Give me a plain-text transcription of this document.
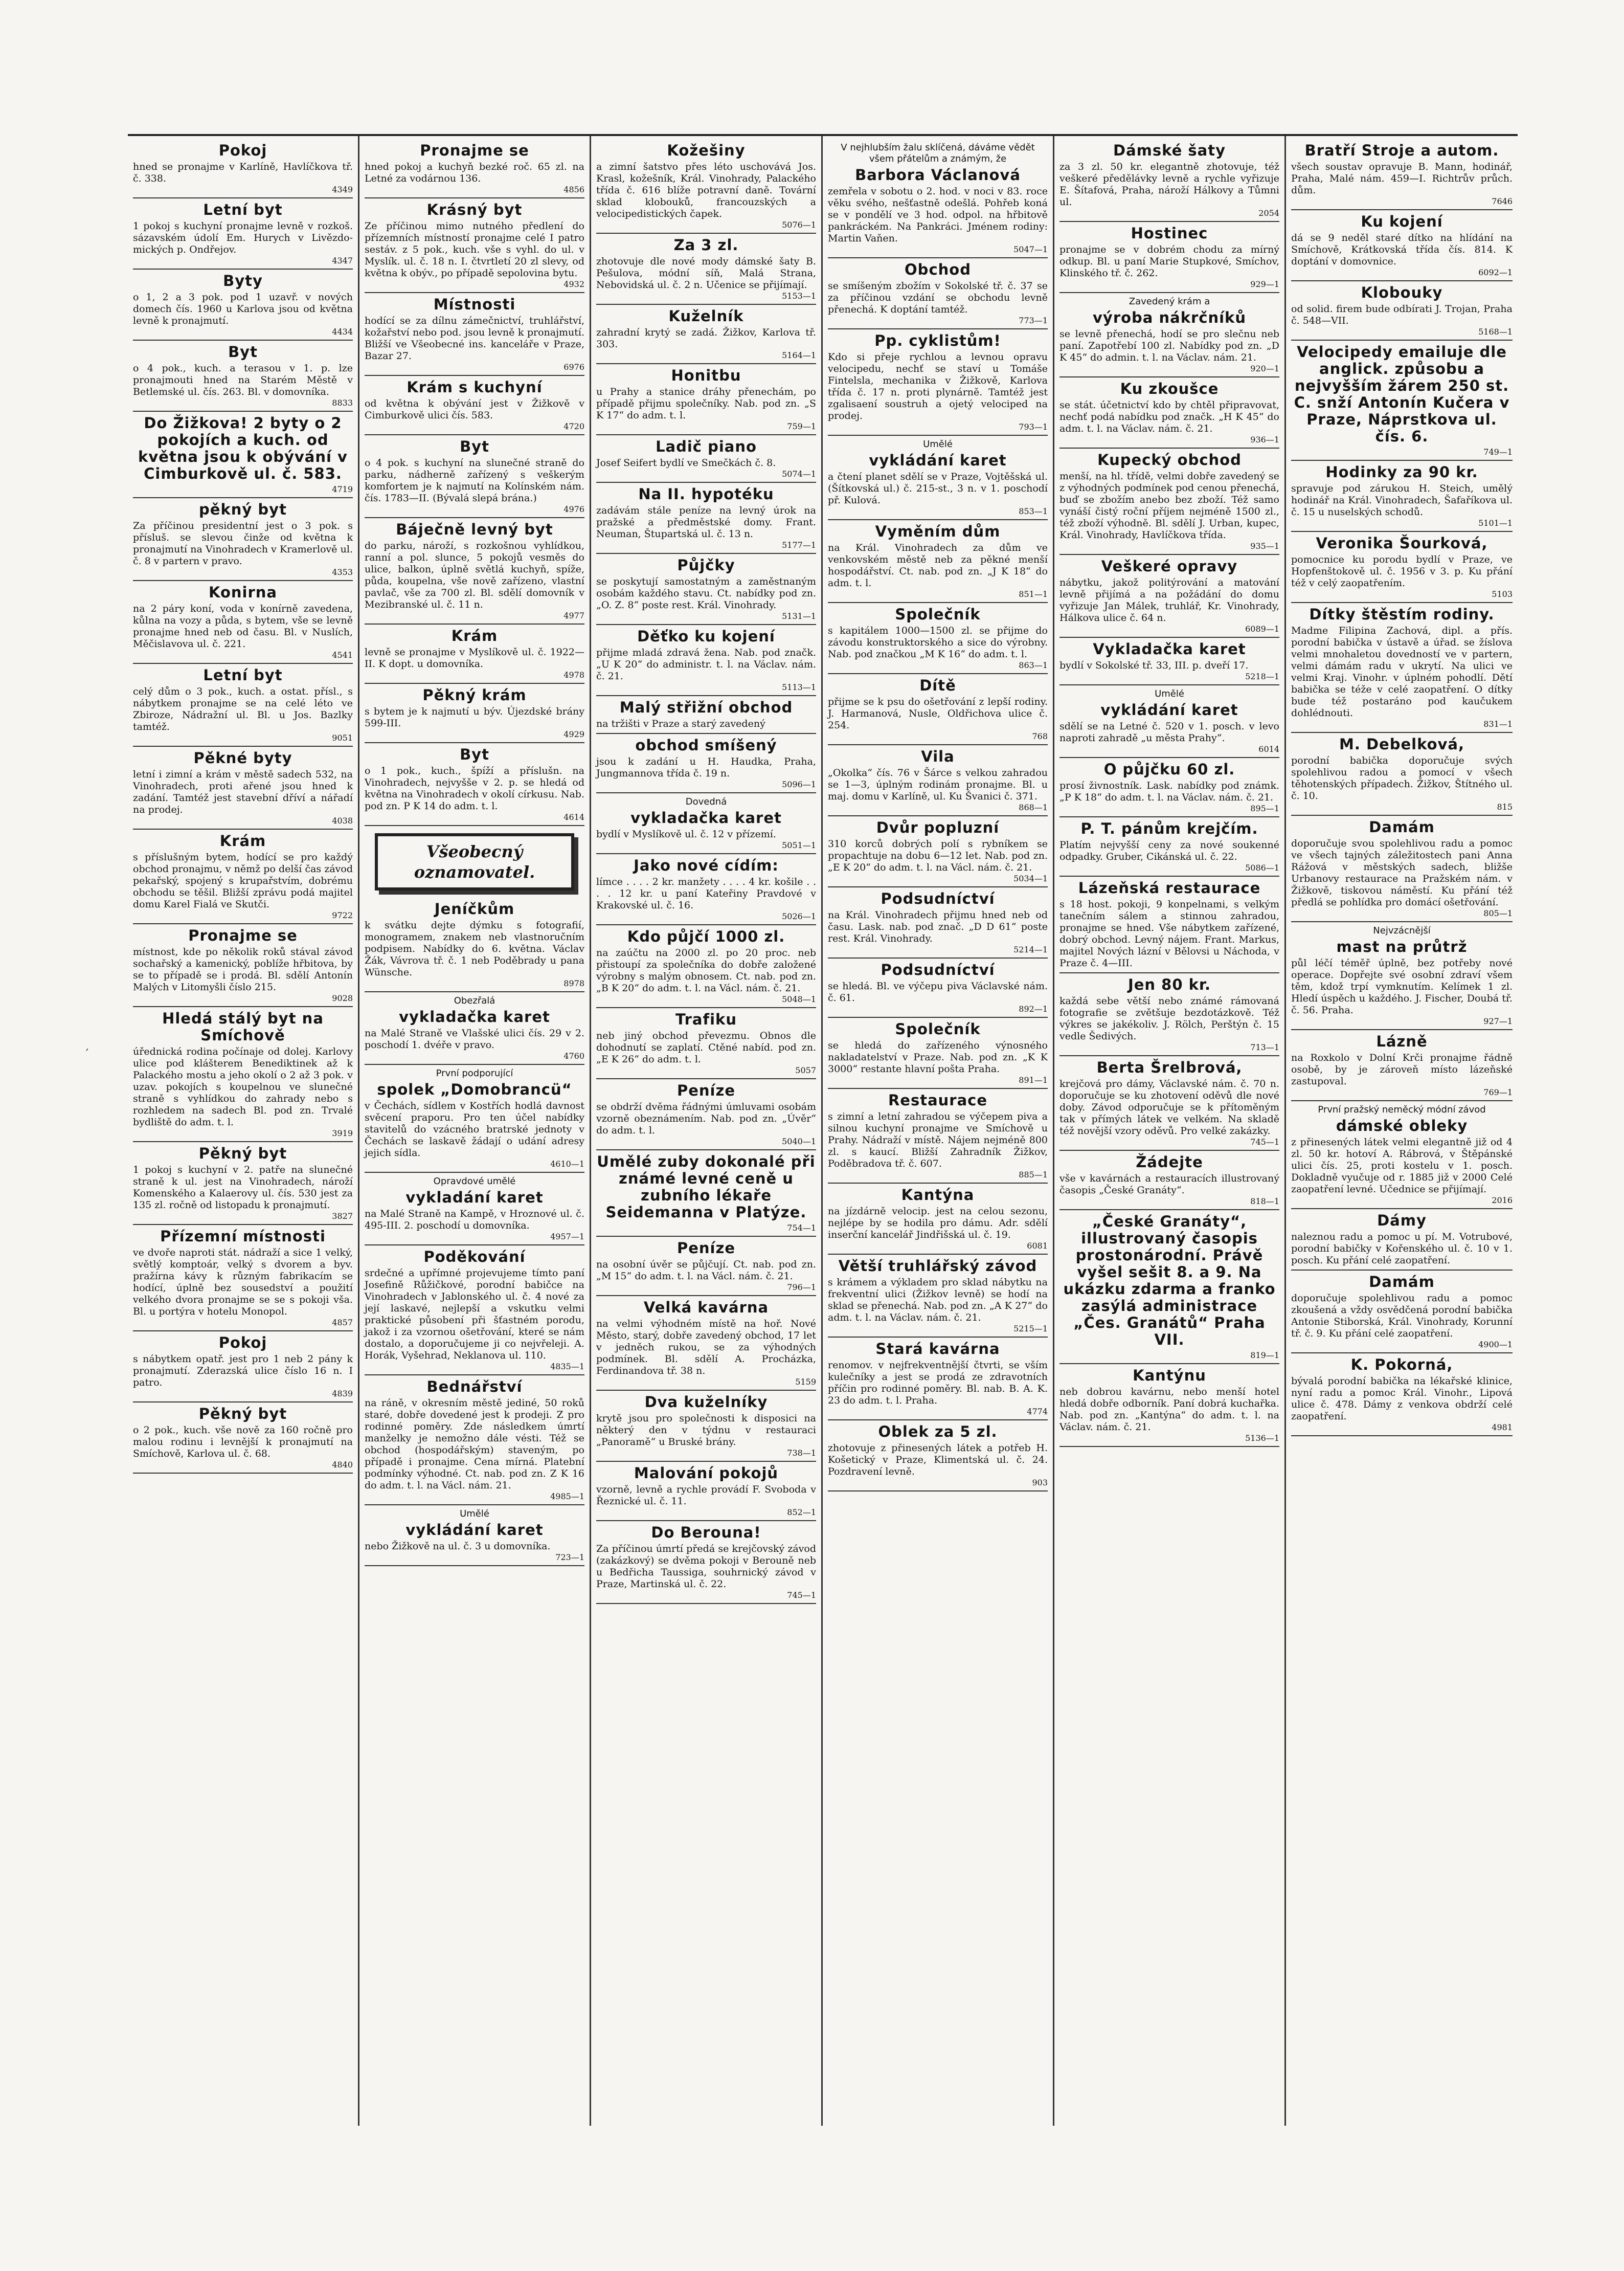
Pokoj

hned se pronajme v Karlíně, Havlíčkova tř. č. 338.

4349
Letní byt

1 pokoj s kuchyní pronajme levně v rozkoš. sázavském údolí Em. Hurych v Livězdo-mických p. Ondřejov.

4347
Byty

o 1, 2 a 3 pok. pod 1 uzavř. v nových domech čís. 1960 u Karlova jsou od května levně k pronajmutí.

4434
Byt

o 4 pok., kuch. a terasou v 1. p. lze pronajmouti hned na Starém Městě v Betlemské ul. čís. 263. Bl. v domovníka.

8833
Do Žižkova! 2 byty o 2 pokojích a kuch. od května jsou k obývání v Cimburkově ul. č. 583.
4719
pěkný byt

Za příčinou presidentní jest o 3 pok. s přísluš. se slevou činže od května k pronajmutí na Vinohradech v Kramerlově ul. č. 8 v partern v pravo.

4353
Konirna

na 2 páry koní, voda v konírně zavedena, kůlna na vozy a půda, s bytem, vše se levně pronajme hned neb od času. Bl. v Nuslích, Měčislavova ul. č. 221.

4541
Letní byt

celý dům o 3 pok., kuch. a ostat. přísl., s nábytkem pronajme se na celé léto ve Zbiroze, Nádražní ul. Bl. u Jos. Bazlky tamtéž.

9051
Pěkné byty

letní i zimní a krám v městě sadech 532, na Vinohradech, proti ařené jsou hned k zadání. Tamtéž jest stavební dříví a nářadí na prodej.

4038
Krám

s příslušným bytem, hodící se pro každý obchod pronajmu, v němž po delší čas závod pekařský, spojený s krupařstvím, dobrému obchodu se těšil. Bližší zprávu podá majitel domu Karel Fialá ve Skutči.

9722
Pronajme se

místnost, kde po několik roků stával závod sochařský a kamenický, poblíže hřbitova, by se to případě se i prodá. Bl. sdělí Antonín Malých v Litomyšli číslo 215.

9028
Hledá stálý byt na Smíchově

úřednická rodina počínaje od dolej. Karlovy ulice pod klášterem Benediktinek až k Palackého mostu a jeho okolí o 2 až 3 pok. v uzav. pokojích s koupelnou ve slunečné straně s vyhlídkou do zahrady nebo s rozhledem na sadech Bl. pod zn. Trvalé bydliště do adm. t. l.

3919
Pěkný byt

1 pokoj s kuchyní v 2. patře na slunečné straně k ul. jest na Vinohradech, nároží Komenského a Kalaerovy ul. čís. 530 jest za 135 zl. ročně od listopadu k pronajmutí.

3827
Přízemní místnosti

ve dvoře naproti stát. nádraží a sice 1 velký, světlý komptoár, velký s dvorem a byv. pražírna kávy k různým fabrikacím se hodící, úplně bez sousedství a použití velkého dvora pronajme se se s pokoji vša. Bl. u portýra v hotelu Monopol.

4857
Pokoj

s nábytkem opatř. jest pro 1 neb 2 pány k pronajmutí. Zderazská ulice číslo 16 n. I patro.

4839
Pěkný byt

o 2 pok., kuch. vše nově za 160 ročně pro malou rodinu i levnější k pronajmutí na Smíchově, Karlova ul. č. 68.

4840
Pronajme se

hned pokoj a kuchyň bezké roč. 65 zl. na Letné za vodárnou 136.

4856
Krásný byt

Ze příčinou mimo nutného předlení do přízemních místností pronajme celé I patro sestáv. z 5 pok., kuch. vše s vyhl. do ul. v Myslík. ul. č. 18 n. I. čtvrtletí 20 zl slevy, od května k obýv., po případě sepolovina bytu.

4932
Místnosti

hodící se za dílnu zámečnictví, truhlářství, kožařství nebo pod. jsou levně k pronajmutí. Bližší ve Všeobecné ins. kanceláře v Praze, Bazar 27.

6976
Krám s kuchyní

od května k obývání jest v Žižkově v Cimburkově ulici čís. 583.

4720
Byt

o 4 pok. s kuchyní na slunečné straně do parku, nádherně zařízený s veškerým komfortem je k najmutí na Kolínském nám. čís. 1783—II. (Bývalá slepá brána.)

4976
Báječně levný byt

do parku, nároží, s rozkošnou vyhlídkou, ranní a pol. slunce, 5 pokojů vesměs do ulice, balkon, úplně světlá kuchyň, spíže, půda, koupelna, vše nově zařízeno, vlastní pavlač, vše za 700 zl. Bl. sdělí domovník v Mezibranské ul. č. 11 n.

4977
Krám

levně se pronajme v Myslíkově ul. č. 1922—II. K dopt. u domovníka.

4978
Pěkný krám

s bytem je k najmutí u býv. Újezdské brány 599-III.

4929
Byt

o 1 pok., kuch., špíží a příslušn. na Vinohradech, nejvyšše v 2. p. se hledá od května na Vinohradech v okolí církusu. Nab. pod zn. P K 14 do adm. t. l.

4614
Všeobecný
oznamovatel.
Jeníčkům

k svátku dejte dýmku s fotografií, monogramem, znakem neb vlastnoručním podpisem. Nabídky do 6. května. Václav Žák, Vávrova tř. č. 1 neb Poděbrady u pana Wünsche.

8978
Obezřalá
vykladačka karet

na Malé Straně ve Vlašské ulici čís. 29 v 2. poschodí 1. dvéře v pravo.

4760
První podporující
spolek „Domobrancü“

v Čechách, sídlem v Kostřích hodlá davnost svěcení praporu. Pro ten účel nabídky stavitelů do vzácného bratrské jednoty v Čechách se laskavě žádají o udání adresy jejich sídla.

4610—1
Opravdové umělé
vykladání karet

na Malé Straně na Kampě, v Hroznové ul. č. 495-III. 2. poschodí u domovníka.

4957—1
Poděkování

srdečné a upřímné projevujeme tímto paní Josefině Růžičkové, porodní babičce na Vinohradech v Jablonského ul. č. 4 nové za její laskavé, nejlepší a vskutku velmi praktické působení při šťastném porodu, jakož i za vzornou ošetřování, které se nám dostalo, a doporučujeme ji co nejvřeleji. A. Horák, Vyšehrad, Neklanova ul. 110.

4835—1
Bednářství

na ráně, v okresním městě jediné, 50 roků staré, dobře dovedené jest k prodeji. Z pro rodinné poměry. Zde následkem úmrtí manželky je nemožno dále vésti. Též se obchod (hospodářským) staveným, po případě i pronajme. Cena mírná. Platební podmínky výhodné. Ct. nab. pod zn. Z K 16 do adm. t. l. na Václ. nám. 21.

4985—1
Umělé
vykládání karet

nebo Žižkově na ul. č. 3 u domovníka.

723—1
Kožešiny

a zimní šatstvo přes léto uschovává Jos. Krasl, kožešník, Král. Vinohrady, Palackého třída č. 616 blíže potravní daně. Tovární sklad klobouků, francouzských a velocipedistických čapek.

5076—1
Za 3 zl.

zhotovuje dle nové mody dámské šaty B. Pešulova, módní síň, Malá Strana, Nebovidská ul. č. 2 n. Učenice se přijímají.

5153—1
Kuželník

zahradní krytý se zadá. Žižkov, Karlova tř. 303.

5164—1
Honitbu

u Prahy a stanice dráhy přenechám, po případě přijmu společníky. Nab. pod zn. „S K 17“ do adm. t. l.

759—1
Ladič piano

Josef Seifert bydlí ve Smečkách č. 8.

5074—1
Na II. hypotéku

zadávám stále peníze na levný úrok na pražské a předměstské domy. Frant. Neuman, Štupartská ul. č. 13 n.

5177—1
Půjčky

se poskytují samostatným a zaměstnaným osobám každého stavu. Ct. nabídky pod zn. „O. Z. 8“ poste rest. Král. Vinohrady.

5131—1
Děťko ku kojení

přijme mladá zdravá žena. Nab. pod značk. „U K 20“ do administr. t. l. na Václav. nám. č. 21.

5113—1
Malý střižní obchod

na tržišti v Praze a starý zavedený

obchod smíšený

jsou k zadání u H. Haudka, Praha, Jungmannova třída č. 19 n.

5096—1
Dovedná
vykladačka karet

bydlí v Myslíkově ul. č. 12 v přízemí.

5051—1
Jako nové cídím:

límce . . . . 2 kr. manžety . . . . 4 kr. košile . . . . 12 kr. u paní Kateřiny Pravdové v Krakovské ul. č. 16.

5026—1
Kdo půjčí 1000 zl.

na zaúčtu na 2000 zl. po 20 proc. neb přistoupí za společníka do dobře založené výrobny s malým obnosem. Ct. nab. pod zn. „B K 20“ do adm. t. l. na Václ. nám. č. 21.

5048—1
Trafiku

neb jiný obchod převezmu. Obnos dle dohodnutí se zaplatí. Ctěné nabíd. pod zn. „E K 26“ do adm. t. l.

5057
Peníze

se obdrží dvěma řádnými úmluvami osobám vzorně obeznámením. Nab. pod zn. „Úvěr“ do adm. t. l.

5040—1
Umělé zuby dokonalé při známé levné ceně u zubního lékaře Seidemanna v Platýze.
754—1
Peníze

na osobní úvěr se půjčují. Ct. nab. pod zn. „M 15“ do adm. t. l. na Václ. nám. č. 21.

796—1
Velká kavárna

na velmi výhodném místě na hoř. Nové Město, starý, dobře zavedený obchod, 17 let v jedněch rukou, se za výhodných podmínek. Bl. sdělí A. Procházka, Ferdinandova tř. 38 n.

5159
Dva kuželníky

krytě jsou pro společnosti k disposici na některý den v týdnu v restauraci „Panoramě“ u Bruské brány.

738—1
Malování pokojů

vzorně, levně a rychle provádí F. Svoboda v Řeznické ul. č. 11.

852—1
Do Berouna!

Za příčinou úmrtí předá se krejčovský závod (zakázkový) se dvěma pokoji v Berouně neb u Bedřicha Taussiga, souhrnický závod v Praze, Martinská ul. č. 22.

745—1
V nejhlubším žalu sklíčená, dáváme vědět všem přátelům a známým, že
Barbora Václanová

zemřela v sobotu o 2. hod. v noci v 83. roce věku svého, nešťastně odešlá. Pohřeb koná se v pondělí ve 3 hod. odpol. na hřbitově pankráckém. Na Pankráci. Jménem rodiny: Martin Vaňen.

5047—1
Obchod

se smíšeným zbožím v Sokolské tř. č. 37 se za příčinou vzdání se obchodu levně přenechá. K doptání tamtéž.

773—1
Pp. cyklistům!

Kdo si přeje rychlou a levnou opravu velocipedu, nechť se staví u Tomáše Fintelsla, mechanika v Žižkově, Karlova třída č. 17 n. proti plynárně. Tamtéž jest zgalisaení soustruh a ojetý velociped na prodej.

793—1
Umělé
vykládání karet

a čtení planet sdělí se v Praze, Vojtěšská ul. (Šítkovská ul.) č. 215-st., 3 n. v 1. poschodí př. Kulová.

853—1
Vyměním dům

na Král. Vinohradech za dům ve venkovském městě neb za pěkné menší hospodářství. Ct. nab. pod zn. „J K 18“ do adm. t. l.

851—1
Společník

s kapitálem 1000—1500 zl. se přijme do závodu konstruktorského a sice do výrobny. Nab. pod značkou „M K 16“ do adm. t. l.

863—1
Dítě

přijme se k psu do ošetřování z lepší rodiny. J. Harmanová, Nusle, Oldřichova ulice č. 254.

768
Vila

„Okolka“ čís. 76 v Šárce s velkou zahradou se 1—3, úplným rodinám pronajme. Bl. u maj. domu v Karlíně, ul. Ku Švanici č. 371.

868—1
Dvůr popluzní

310 korců dobrých polí s rybníkem se propachtuje na dobu 6—12 let. Nab. pod zn. „E K 20“ do adm. t. l. na Václ. nám. č. 21.

5034—1
Podsudníctví

na Král. Vinohradech přijmu hned neb od času. Lask. nab. pod znač. „D D 61“ poste rest. Král. Vinohrady.

5214—1
Podsudníctví

se hledá. Bl. ve výčepu piva Václavské nám. č. 61.

892—1
Společník

se hledá do zařízeného výnosného nakladatelství v Praze. Nab. pod zn. „K K 3000“ restante hlavní pošta Praha.

891—1
Restaurace

s zimní a letní zahradou se výčepem piva a silnou kuchyní pronajme ve Smíchově u Prahy. Nádraží v místě. Nájem nejméně 800 zl. s kaucí. Bližší Zahradník Žižkov, Poděbradova tř. č. 607.

885—1
Kantýna

na jízdárně velocip. jest na celou sezonu, nejlépe by se hodila pro dámu. Adr. sdělí inserční kancelář Jindřišská ul. č. 19.

6081
Větší truhlářský závod

s krámem a výkladem pro sklad nábytku na frekventní ulici (Žižkov levně) se hodí na sklad se přenechá. Nab. pod zn. „A K 27“ do adm. t. l. na Václav. nám. č. 21.

5215—1
Stará kavárna

renomov. v nejfrekventnější čtvrti, se vším kulečníky a jest se prodá ze zdravotních příčin pro rodinné poměry. Bl. nab. B. A. K. 23 do adm. t. l. Praha.

4774
Oblek za 5 zl.

zhotovuje z přinesených látek a potřeb H. Košetický v Praze, Klimentská ul. č. 24. Pozdravení levně.

903
Dámské šaty

za 3 zl. 50 kr. elegantně zhotovuje, též veškeré předělávky levně a rychle vyřizuje E. Šítafová, Praha, nároží Hálkovy a Tůmni ul.

2054
Hostinec

pronajme se v dobrém chodu za mírný odkup. Bl. u paní Marie Stupkové, Smíchov, Klinského tř. č. 262.

929—1
Zavedený krám a
výroba nákrčníků

se levně přenechá, hodí se pro slečnu neb paní. Zapotřebí 100 zl. Nabídky pod zn. „D K 45“ do admin. t. l. na Václav. nám. 21.

920—1
Ku zkoušce

se stát. účetnictví kdo by chtěl připravovat, nechť podá nabídku pod značk. „H K 45“ do adm. t. l. na Václav. nám. č. 21.

936—1
Kupecký obchod

menší, na hl. třídě, velmi dobře zavedený se z výhodných podmínek pod cenou přenechá, buď se zbožím anebo bez zboží. Též samo vynáší čistý roční příjem nejméně 1500 zl., též zboží výhodně. Bl. sdělí J. Urban, kupec, Král. Vinohrady, Havlíčkova třída.

935—1
Veškeré opravy

nábytku, jakož politýrování a matování levně přijímá a na požádání do domu vyřizuje Jan Málek, truhlář, Kr. Vinohrady, Hálkova ulice č. 64 n.

6089—1
Vykladačka karet

bydlí v Sokolské tř. 33, III. p. dveří 17.

5218—1
Umělé
vykládání karet

sdělí se na Letné č. 520 v 1. posch. v levo naproti zahradě „u města Prahy“.

6014
O půjčku 60 zl.

prosí živnostník. Lask. nabídky pod známk. „P K 18“ do adm. t. l. na Václav. nám. č. 21.

895—1
P. T. pánům krejčím.

Platím nejvyšší ceny za nové soukenné odpadky. Gruber, Cikánská ul. č. 22.

5086—1
Lázeňská restaurace

s 18 host. pokoji, 9 konpelnami, s velkým tanečním sálem a stinnou zahradou, pronajme se hned. Vše nábytkem zařízené, dobrý obchod. Levný nájem. Frant. Markus, majitel Nových lázní v Bělovsi u Náchoda, v Praze č. 4—III.

Jen 80 kr.

každá sebe větší nebo známé rámovaná fotografie se zvětšuje bezdotázkově. Též výkres se jakékoliv. J. Rölch, Perštýn č. 15 vedle Šedivých.

713—1
Berta Šrelbrová,

krejčová pro dámy, Václavské nám. č. 70 n. doporučuje se ku zhotovení oděvů dle nové doby. Závod odporučuje se k přítoměným tak v přímých látek ve velkém. Na skladě též novější vzory oděvů. Pro velké zakázky.

745—1
Žádejte

vše v kavárnách a restauracích illustrovaný časopis „České Granáty“.

818—1
„České Granáty“, illustrovaný časopis prostonárodní. Právě vyšel sešit 8. a 9. Na ukázku zdarma a franko zasýlá administrace „Čes. Granátů“ Praha VII.
819—1
Kantýnu

neb dobrou kavárnu, nebo menší hotel hledá dobře odborník. Paní dobrá kuchařka. Nab. pod zn. „Kantýna“ do adm. t. l. na Václav. nám. č. 21.

5136—1
Bratří Stroje a autom.

všech soustav opravuje B. Mann, hodinář, Praha, Malé nám. 459—I. Richtrův průch. dům.

7646
Ku kojení

dá se 9 neděl staré dítko na hlídání na Smíchově, Krátkovská třída čís. 814. K doptání v domovnice.

6092—1
Klobouky

od solid. firem bude odbírati J. Trojan, Praha č. 548—VII.

5168—1
Velocipedy emailuje dle anglick. způsobu a nejvyšším žárem 250 st. C. snží Antonín Kučera v Praze, Náprstkova ul. čís. 6.
749—1
Hodinky za 90 kr.

spravuje pod zárukou H. Steich, umělý hodinář na Král. Vinohradech, Šafaříkova ul. č. 15 u nuselských schodů.

5101—1
Veronika Šourková,

pomocnice ku porodu bydlí v Praze, ve Hopfenštokově ul. č. 1956 v 3. p. Ku přání též v celý zaopatřením.

5103
Dítky štěstím rodiny.

Madme Filipina Zachová, dipl. a přís. porodní babička v ústavě a úřad. se žíslova velmi mnohaletou dovedností ve v partern, velmi dámám radu v ukrytí. Na ulici ve velmi Kraj. Vinohr. v úplném pohodlí. Dětí babička se téže v celé zaopatření. O dítky bude též postaráno pod kaučukem dohlédnouti.

831—1
M. Debelková,

porodní babička doporučuje svých spolehlivou radou a pomocí v všech těhotenských případech. Žižkov, Štítného ul. č. 10.

815
Damám

doporučuje svou spolehlivou radu a pomoc ve všech tajných záležitostech pani Anna Rážová v městských sadech, bližše Urbanovy restaurace na Pražském nám. v Žižkově, tiskovou náměstí. Ku přání též předlá se pohlídka pro domácí ošetřování.

805—1
Nejvzácnější
mast na průtrž

půl léčí téměř úplně, bez potřeby nové operace. Dopřejte své osobní zdraví všem těm, kdož trpí vymknutím. Kelímek 1 zl. Hledí úspěch u každého. J. Fischer, Doubá tř. č. 56. Praha.

927—1
Lázně

na Roxkolo v Dolní Krči pronajme řádně osobě, by je zároveň místo lázeňské zastupoval.

769—1
První pražský neměcký módní závod
dámské obleky

z přinesených látek velmi elegantně již od 4 zl. 50 kr. hotoví A. Rábrová, v Štěpánské ulici čís. 25, proti kostelu v 1. posch. Dokladně vyučuje od r. 1885 již v 2000 Celé zaopatření levné. Učednice se přijímají.

2016
Dámy

naleznou radu a pomoc u pí. M. Votrubové, porodní babičky v Kořenského ul. č. 10 v 1. posch. Ku přání celé zaopatření.

Damám

doporučuje spolehlivou radu a pomoc zkoušená a vždy osvědčená porodní babička Antonie Stiborská, Král. Vinohrady, Korunní tř. č. 9. Ku přání celé zaopatření.

4900—1
K. Pokorná,

bývalá porodní babička na lékařské klinice, nyní radu a pomoc Král. Vinohr., Lipová ulice č. 478. Dámy z venkova obdrží celé zaopatření.

4981
′
